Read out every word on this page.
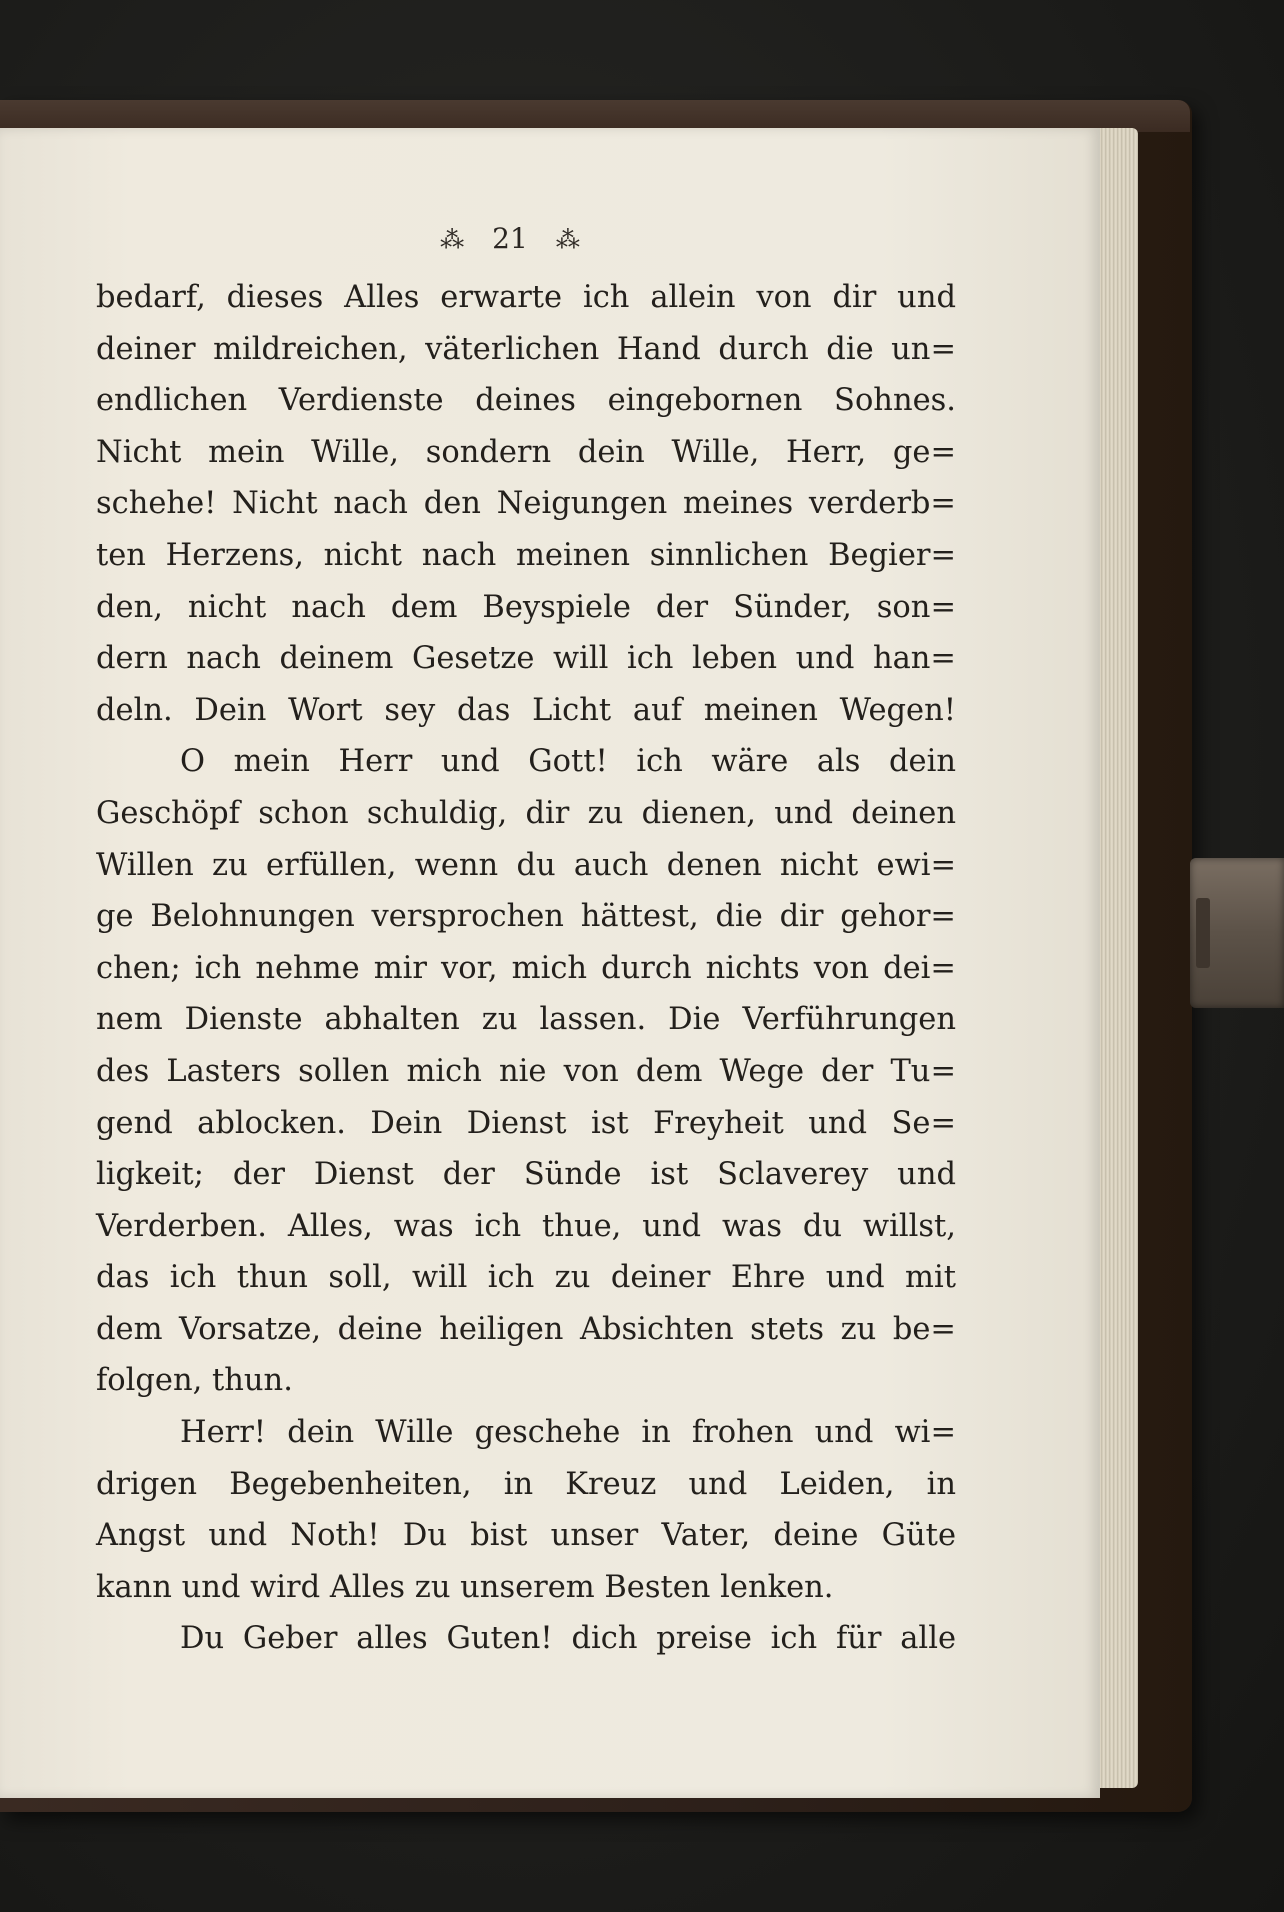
⁂ 21 ⁂
bedarf, dieses Alles erwarte ich allein von dir und
deiner mildreichen, väterlichen Hand durch die un=
endlichen Verdienste deines eingebornen Sohnes.
Nicht mein Wille, sondern dein Wille, Herr, ge=
schehe! Nicht nach den Neigungen meines verderb=
ten Herzens, nicht nach meinen sinnlichen Begier=
den, nicht nach dem Beyspiele der Sünder, son=
dern nach deinem Gesetze will ich leben und han=
deln. Dein Wort sey das Licht auf meinen Wegen!
O mein Herr und Gott! ich wäre als dein
Geschöpf schon schuldig, dir zu dienen, und deinen
Willen zu erfüllen, wenn du auch denen nicht ewi=
ge Belohnungen versprochen hättest, die dir gehor=
chen; ich nehme mir vor, mich durch nichts von dei=
nem Dienste abhalten zu lassen. Die Verführungen
des Lasters sollen mich nie von dem Wege der Tu=
gend ablocken. Dein Dienst ist Freyheit und Se=
ligkeit; der Dienst der Sünde ist Sclaverey und
Verderben. Alles, was ich thue, und was du willst,
das ich thun soll, will ich zu deiner Ehre und mit
dem Vorsatze, deine heiligen Absichten stets zu be=
folgen, thun.
Herr! dein Wille geschehe in frohen und wi=
drigen Begebenheiten, in Kreuz und Leiden, in
Angst und Noth! Du bist unser Vater, deine Güte
kann und wird Alles zu unserem Besten lenken.
Du Geber alles Guten! dich preise ich für alle
